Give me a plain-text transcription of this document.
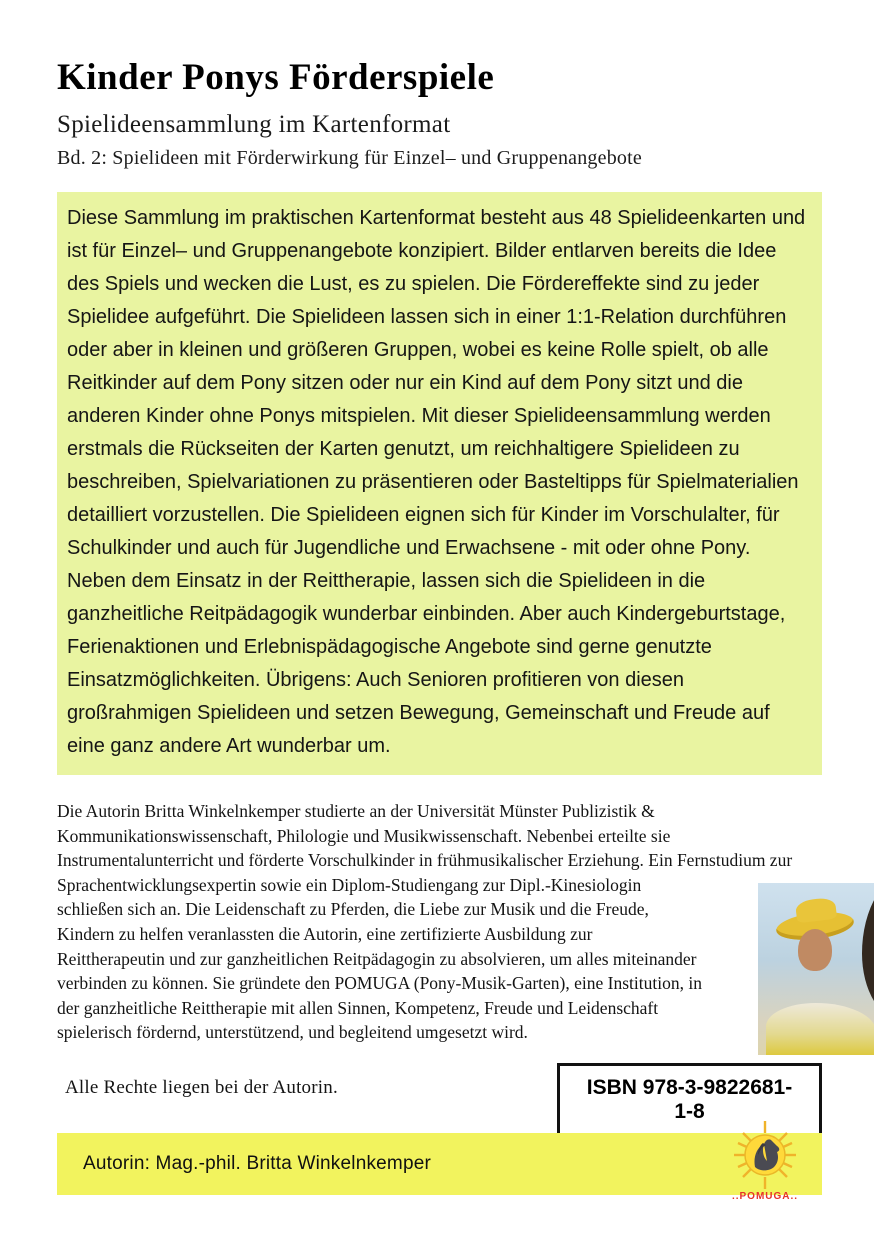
Kinder Ponys Förderspiele
Spielideensammlung im Kartenformat
Bd. 2: Spielideen mit Förderwirkung für Einzel– und Gruppenangebote
Diese Sammlung im praktischen Kartenformat besteht aus 48 Spielideenkarten und ist für Einzel– und Gruppenangebote konzipiert. Bilder entlarven bereits die Idee des Spiels und wecken die Lust, es zu spielen. Die Fördereffekte sind zu jeder Spielidee aufgeführt. Die Spielideen lassen sich in einer 1:1-Relation durchführen oder aber in kleinen und größeren Gruppen, wobei es keine Rolle spielt, ob alle Reitkinder auf dem Pony sitzen oder nur ein Kind auf dem Pony sitzt und die anderen Kinder ohne Ponys mitspielen. Mit dieser Spielideensammlung werden erstmals die Rückseiten der Karten genutzt, um reichhaltigere Spielideen zu beschreiben, Spielvariationen zu präsentieren oder Basteltipps für Spielmaterialien detailliert vorzustellen. Die Spielideen eignen sich für Kinder im Vorschulalter, für Schulkinder und auch für Jugendliche und Erwachsene - mit oder ohne Pony. Neben dem Einsatz in der Reittherapie, lassen sich die Spielideen in die ganzheitliche Reitpädagogik wunderbar einbinden. Aber auch Kindergeburtstage, Ferienaktionen und Erlebnispädagogische Angebote sind gerne genutzte Einsatzmöglichkeiten. Übrigens: Auch Senioren profitieren von diesen großrahmigen Spielideen und setzen Bewegung, Gemeinschaft und Freude auf eine ganz andere Art wunderbar um.
Die Autorin Britta Winkelnkemper studierte an der Universität Münster Publizistik & Kommunikationswissenschaft, Philologie und Musikwissenschaft. Nebenbei erteilte sie Instrumentalunterricht und förderte Vorschulkinder in frühmusikalischer Erziehung. Ein Fernstudium zur Sprachentwicklungsexpertin sowie ein Diplom-Studiengang zur Dipl.-Kinesiologin schließen sich an. Die Leidenschaft zu Pferden, die Liebe zur Musik und die Freude, Kindern zu helfen veranlassten die Autorin, eine zertifizierte Ausbildung zur Reittherapeutin und zur ganzheitlichen Reitpädagogin zu absolvieren, um alles miteinander verbinden zu können. Sie gründete den POMUGA (Pony-Musik-Garten), eine Institution, in der ganzheitliche Reittherapie mit allen Sinnen, Kompetenz, Freude und Leidenschaft spielerisch fördernd, unterstützend, und begleitend umgesetzt wird.
Alle Rechte liegen bei der Autorin.	ISBN 978-3-9822681-1-8
Autorin: Mag.-phil. Britta Winkelnkemper
..POMUGA..
